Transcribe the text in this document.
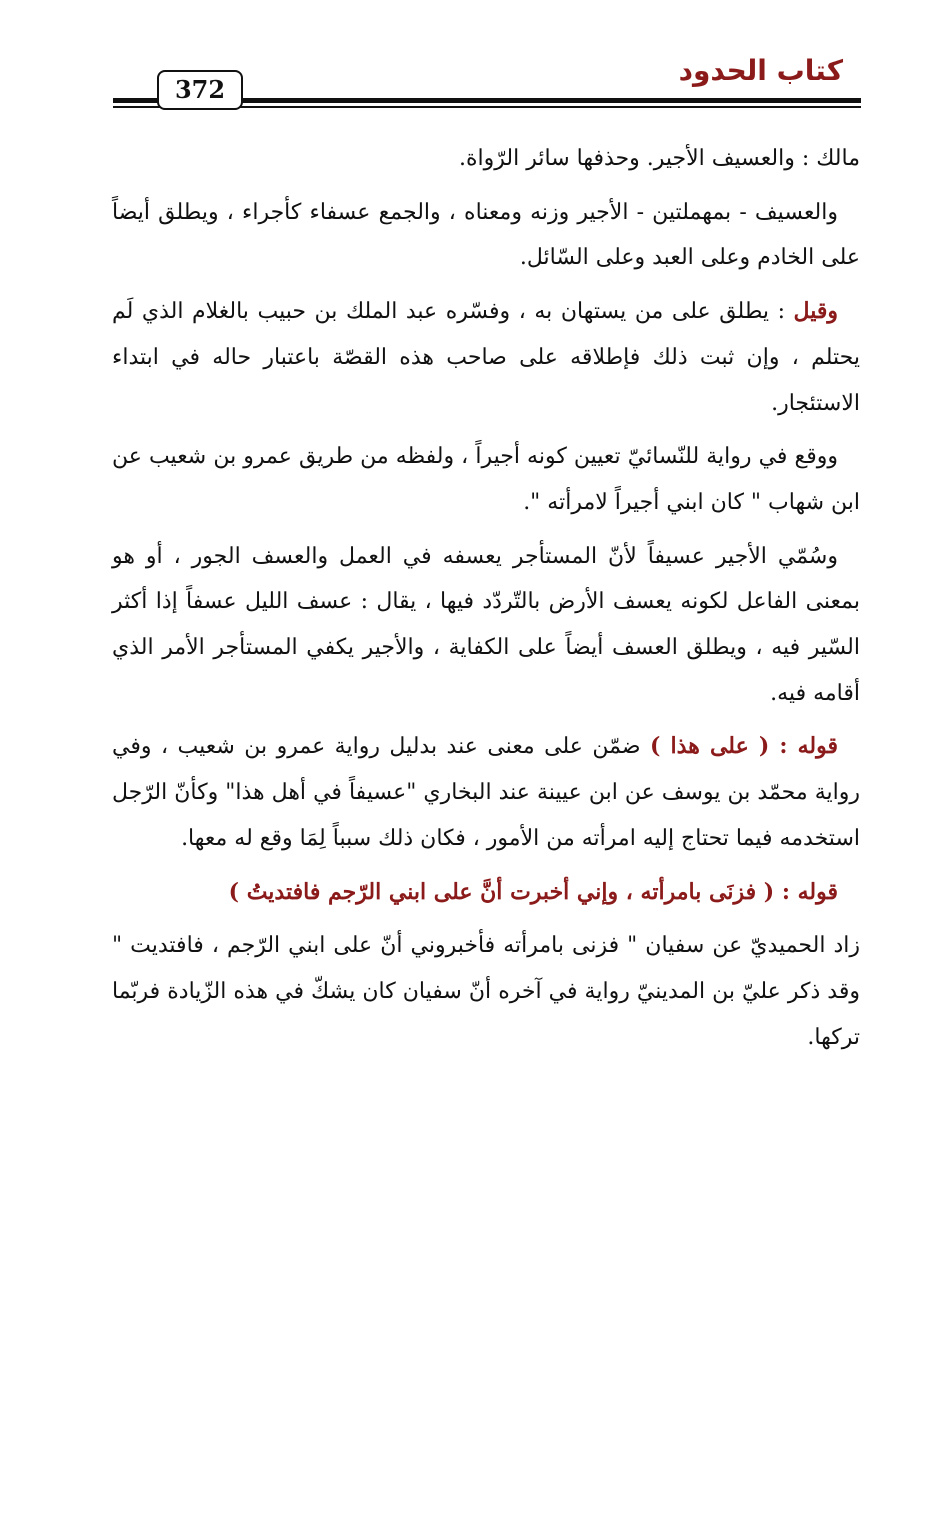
كتاب الحدود
372

مالك : والعسيف الأجير. وحذفها سائر الرّواة.

والعسيف - بمهملتين - الأجير وزنه ومعناه ، والجمع عسفاء كأجراء ، ويطلق أيضاً على الخادم وعلى العبد وعلى السّائل.

وقيل : يطلق على من يستهان به ، وفسّره عبد الملك بن حبيب بالغلام الذي لَم يحتلم ، وإن ثبت ذلك فإطلاقه على صاحب هذه القصّة باعتبار حاله في ابتداء الاستئجار.

ووقع في رواية للنّسائيّ تعيين كونه أجيراً ، ولفظه من طريق عمرو بن شعيب عن ابن شهاب " كان ابني أجيراً لامرأته ".

وسُمّي الأجير عسيفاً لأنّ المستأجر يعسفه في العمل والعسف الجور ، أو هو بمعنى الفاعل لكونه يعسف الأرض بالتّردّد فيها ، يقال : عسف الليل عسفاً إذا أكثر السّير فيه ، ويطلق العسف أيضاً على الكفاية ، والأجير يكفي المستأجر الأمر الذي أقامه فيه.

قوله : ( على هذا ) ضمّن على معنى عند بدليل رواية عمرو بن شعيب ، وفي رواية محمّد بن يوسف عن ابن عيينة عند البخاري "عسيفاً في أهل هذا" وكأنّ الرّجل استخدمه فيما تحتاج إليه امرأته من الأمور ، فكان ذلك سبباً لِمَا وقع له معها.

قوله : ( فزنَى بامرأته ، وإني أخبرت أنَّ على ابني الرّجم فافتديتُ )

زاد الحميديّ عن سفيان " فزنى بامرأته فأخبروني أنّ على ابني الرّجم ، فافتديت " وقد ذكر عليّ بن المدينيّ رواية في آخره أنّ سفيان كان يشكّ في هذه الزّيادة فربّما تركها.
